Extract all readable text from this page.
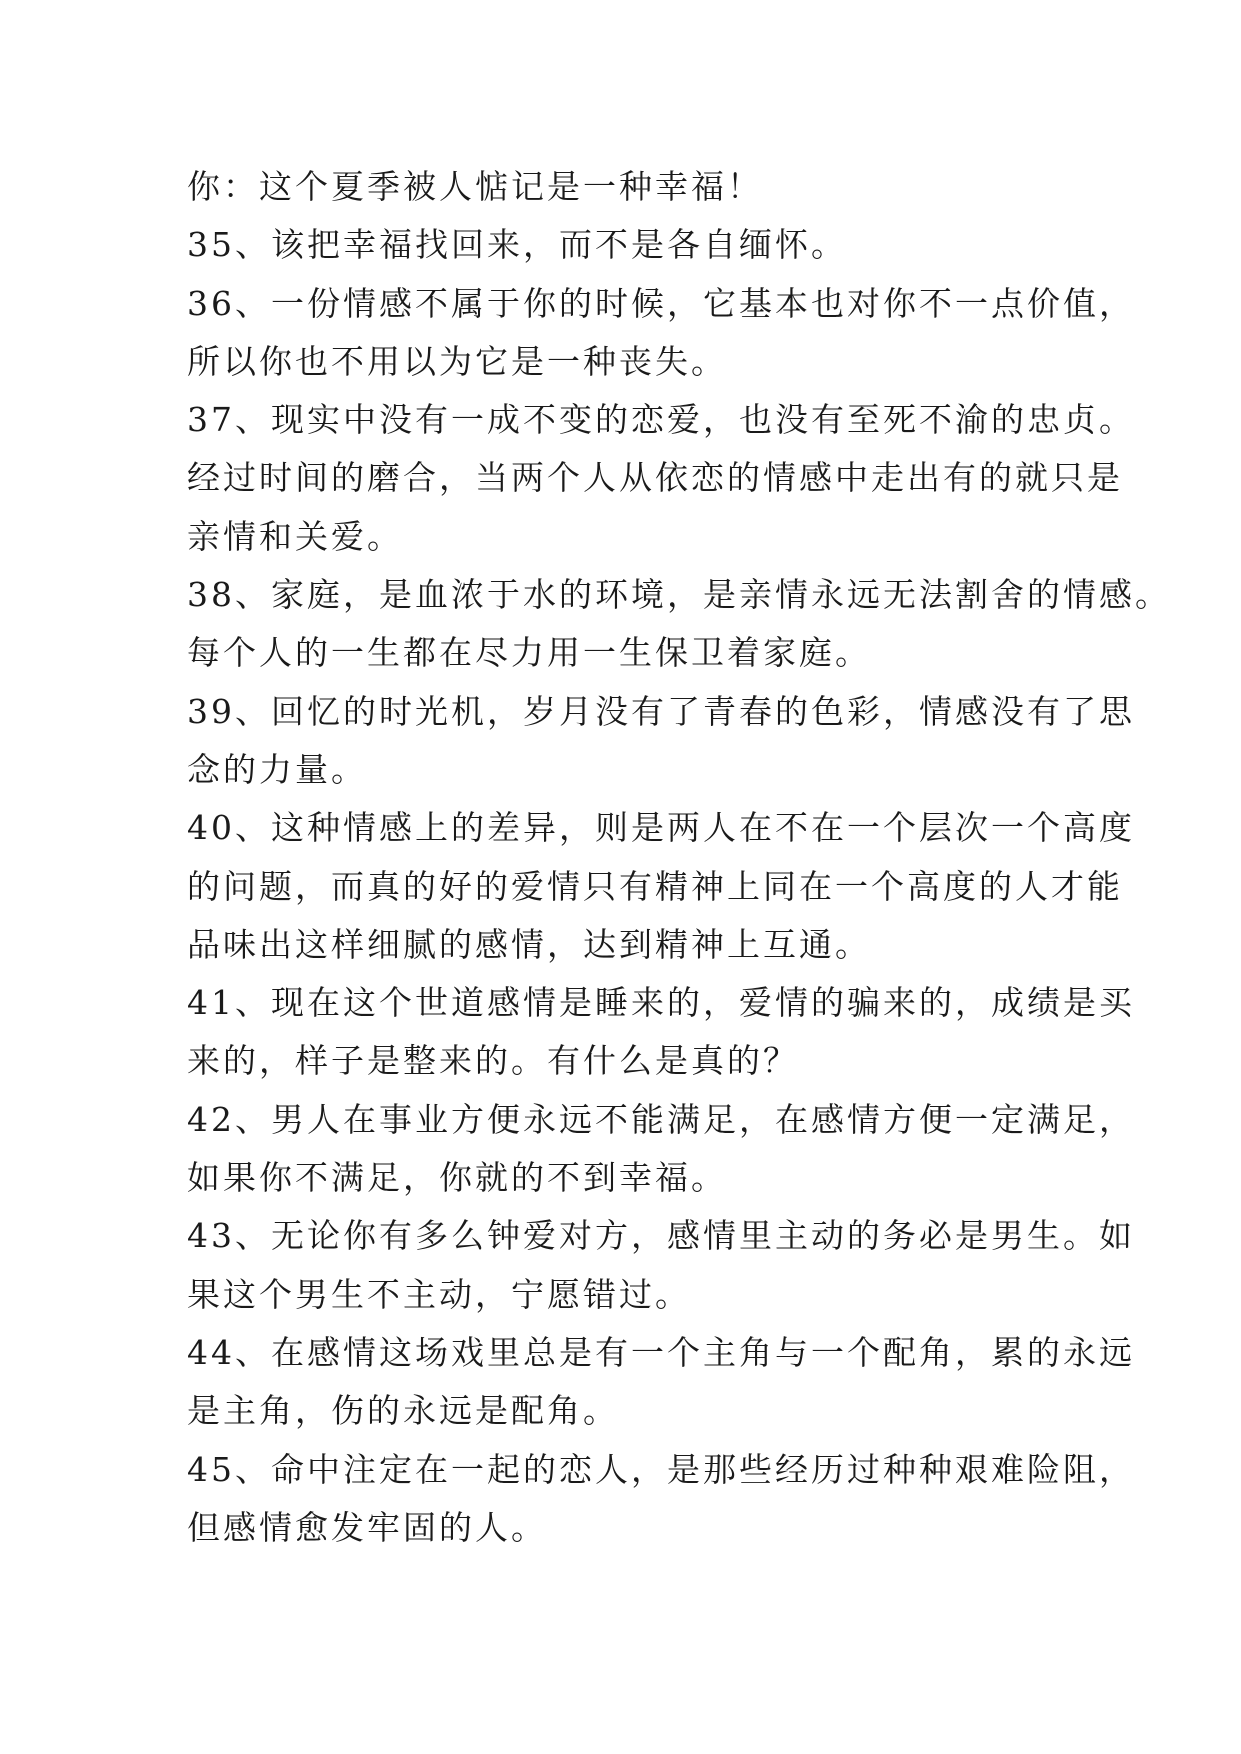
你：这个夏季被人惦记是一种幸福！
35、该把幸福找回来，而不是各自缅怀。
36、一份情感不属于你的时候，它基本也对你不一点价值，
所以你也不用以为它是一种丧失。
37、现实中没有一成不变的恋爱，也没有至死不渝的忠贞。
经过时间的磨合，当两个人从依恋的情感中走出有的就只是
亲情和关爱。
38、家庭，是血浓于水的环境，是亲情永远无法割舍的情感。
每个人的一生都在尽力用一生保卫着家庭。
39、回忆的时光机，岁月没有了青春的色彩，情感没有了思
念的力量。
40、这种情感上的差异，则是两人在不在一个层次一个高度
的问题，而真的好的爱情只有精神上同在一个高度的人才能
品味出这样细腻的感情，达到精神上互通。
41、现在这个世道感情是睡来的，爱情的骗来的，成绩是买
来的，样子是整来的。有什么是真的？
42、男人在事业方便永远不能满足，在感情方便一定满足，
如果你不满足，你就的不到幸福。
43、无论你有多么钟爱对方，感情里主动的务必是男生。如
果这个男生不主动，宁愿错过。
44、在感情这场戏里总是有一个主角与一个配角，累的永远
是主角，伤的永远是配角。
45、命中注定在一起的恋人，是那些经历过种种艰难险阻，
但感情愈发牢固的人。
